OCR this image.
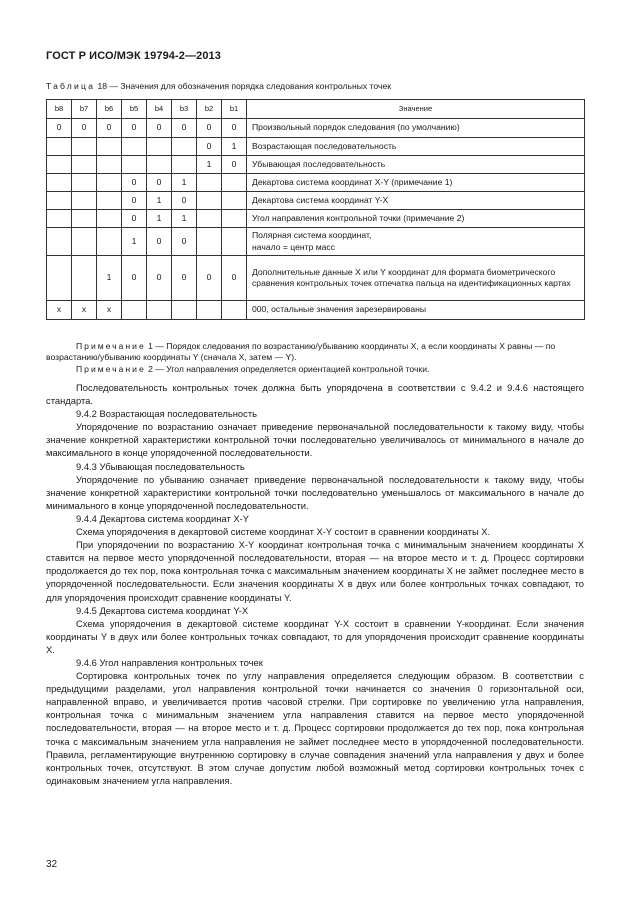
ГОСТ Р ИСО/МЭК 19794-2—2013
Таблица 18 — Значения для обозначения порядка следования контрольных точек
b8	b7	b6	b5	b4	b3	b2	b1	Значение
0	0	0	0	0	0	0	0	Произвольный порядок следования (по умолчанию)
						0	1	Возрастающая последовательность
						1	0	Убывающая последовательность
			0	0	1			Декартова система координат X-Y (примечание 1)
			0	1	0			Декартова система координат Y-X
			0	1	1			Угол направления контрольной точки (примечание 2)
			1	0	0			Полярная система координат,
начало = центр масс
		1	0	0	0	0	0	Дополнительные данные X или Y координат для формата биометрического сравнения контрольных точек отпечатка пальца на идентификационных картах
x	x	x						000, остальные значения зарезервированы
Примечание 1 — Порядок следования по возрастанию/убыванию координаты X, а если координаты X равны — по возрастанию/убыванию координаты Y (сначала X, затем — Y).
Примечание 2 — Угол направления определяется ориентацией контрольной точки.

Последовательность контрольных точек должна быть упорядочена в соответствии с 9.4.2 и 9.4.6 настоящего стандарта.

9.4.2 Возрастающая последовательность

Упорядочение по возрастанию означает приведение первоначальной последовательности к такому виду, чтобы значение конкретной характеристики контрольной точки последовательно увеличивалось от минимального в начале до максимального в конце упорядоченной последовательности.

9.4.3 Убывающая последовательность

Упорядочение по убыванию означает приведение первоначальной последовательности к такому виду, чтобы значение конкретной характеристики контрольной точки последовательно уменьшалось от максимального в начале до минимального в конце упорядоченной последовательности.

9.4.4 Декартова система координат X-Y

Схема упорядочения в декартовой системе координат X-Y состоит в сравнении координаты X.

При упорядочении по возрастанию X-Y координат контрольная точка с минимальным значением координаты X ставится на первое место упорядоченной последовательности, вторая — на второе место и т. д. Процесс сортировки продолжается до тех пор, пока контрольная точка с максимальным значением координаты X не займет последнее место в упорядоченной последовательности. Если значения координаты X в двух или более контрольных точках совпадают, то для упорядочения происходит сравнение координаты Y.

9.4.5 Декартова система координат Y-X

Схема упорядочения в декартовой системе координат Y-X состоит в сравнении Y-координат. Если значения координаты Y в двух или более контрольных точках совпадают, то для упорядочения происходит сравнение координаты X.

9.4.6 Угол направления контрольных точек

Сортировка контрольных точек по углу направления определяется следующим образом. В соответствии с предыдущими разделами, угол направления контрольной точки начинается со значения 0 горизонтальной оси, направленной вправо, и увеличивается против часовой стрелки. При сортировке по увеличению угла направления, контрольная точка с минимальным значением угла направления ставится на первое место упорядоченной последовательности, вторая — на второе место и т. д. Процесс сортировки продолжается до тех пор, пока контрольная точка с максимальным значением угла направления не займет последнее место в упорядоченной последовательности. Правила, регламентирующие внутреннюю сортировку в случае совпадения значений угла направления у двух и более контрольных точек, отсутствуют. В этом случае допустим любой возможный метод сортировки контрольных точек с одинаковым значением угла направления.

32
